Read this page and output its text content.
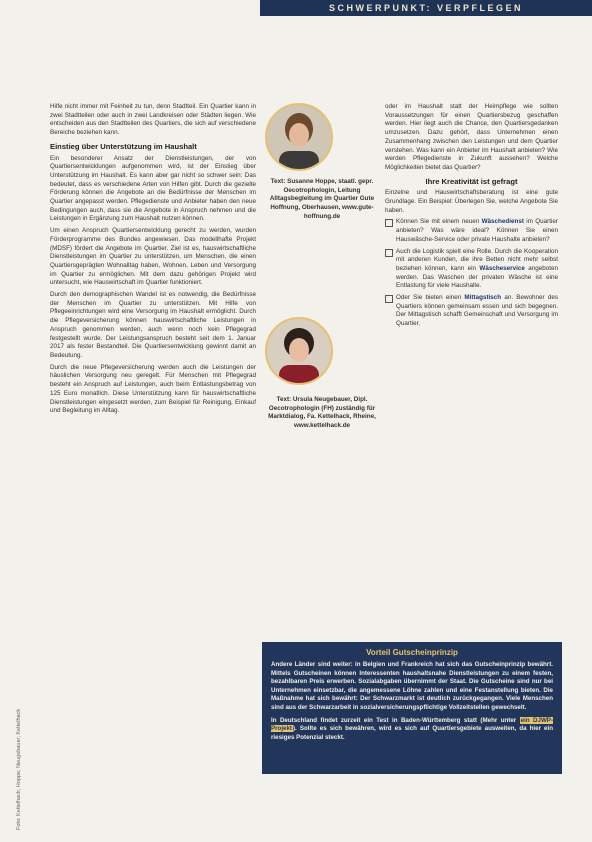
SCHWERPUNKT: VERPFLEGEN

Hilfe nicht immer mit Feinheit zu tun, denn Stadtteil. Ein Quartier kann in zwei Stadtteilen oder auch in zwei Landkreisen oder Städten liegen. Wie entscheiden aus den Stadtteilen des Quartiers, die sich auf verschiedene Bereiche beziehen kann.

Einstieg über Unterstützung im Haushalt

Ein besonderer Ansatz der Dienstleistungen, der von Quartiersentwicklungen aufgenommen wird, ist der Einstieg über Unterstützung im Haushalt. Es kann aber gar nicht so schwer sein: Das bedeutet, dass es verschiedene Arten von Hilfen gibt. Durch die gezielte Förderung können die Angebote an die Bedürfnisse der Menschen im Quartier angepasst werden. Pflegedienste und Anbieter haben den neue Bedingungen auch, dass sie die Angebote in Anspruch nehmen und die Leistungen in Ergänzung zum Haushalt nutzen können.

Um einen Anspruch Quartiersentwicklung gerecht zu werden, wurden Förderprogramme des Bundes angewiesen. Das modellhafte Projekt (MDSF) fördert die Angebote im Quartier. Ziel ist es, hauswirtschaftliche Dienstleistungen im Quartier zu unterstützen, um Menschen, die einen Quartiersgeprägten Wohnalltag haben, Wohnen, Leben und Versorgung im Quartier zu ermöglichen. Mit dem dazu gehörigen Projekt wird untersucht, wie Hauswirtschaft im Quartier funktioniert.

Durch den demographischen Wandel ist es notwendig, die Bedürfnisse der Menschen im Quartier zu unterstützen. Mit Hilfe von Pflegeeinrichtungen wird eine Versorgung im Haushalt ermöglicht. Durch die Pflegeversicherung können hauswirtschaftliche Leistungen in Anspruch genommen werden, auch wenn noch kein Pflegegrad festgestellt wurde. Der Leistungsanspruch besteht seit dem 1. Januar 2017 als fester Bestandteil. Die Quartiersentwicklung gewinnt damit an Bedeutung.

Durch die neue Pflegeversicherung werden auch die Leistungen der häuslichen Versorgung neu geregelt. Für Menschen mit Pflegegrad besteht ein Anspruch auf Leistungen, auch beim Entlastungsbetrag von 125 Euro monatlich. Diese Unterstützung kann für hauswirtschaftliche Dienstleistungen eingesetzt werden, zum Beispiel für Reinigung, Einkauf und Begleitung im Alltag.

Text: Susanne Hoppe, staatl. gepr. Oecotrophologin, Leitung Alltagsbegleitung im Quartier Gute Hoffnung, Oberhausen, www.gute-hoffnung.de
Text: Ursula Neugebauer, Dipl. Oecotrophologin (FH) zuständig für Marktdialog, Fa. Kettelhack, Rheine, www.kettelhack.de

oder im Haushalt statt der Heimpflege wie sollten Voraussetzungen für einen Quartiersbezug geschaffen werden. Hier liegt auch die Chance, den Quartiersgedanken umzusetzen. Dazu gehört, dass Unternehmen einen Zusammenhang zwischen den Leistungen und dem Quartier verstehen. Was kann ein Anbieter im Haushalt anbieten? Wie werden Pflegedienste in Zukunft aussehen? Welche Möglichkeiten bietet das Quartier?

Ihre Kreativität ist gefragt

Einzelne und Hauswirtschaftsberatung ist eine gute Grundlage. Ein Beispiel: Überlegen Sie, welche Angebote Sie haben.

Können Sie mit einem neuen Wäschedienst im Quartier anbieten? Was wäre ideal? Können Sie einen Hauswäsche-Service oder private Haushalte anbieten?
Auch die Logistik spielt eine Rolle. Durch die Kooperation mit anderen Kunden, die ihre Betten nicht mehr selbst beziehen können, kann ein Wäscheservice angeboten werden. Das Waschen der privaten Wäsche ist eine Entlastung für viele Haushalte.
Oder Sie bieten einen Mittagstisch an. Bewohner des Quartiers können gemeinsam essen und sich begegnen. Der Mittagstisch schafft Gemeinschaft und Versorgung im Quartier.
Foto: Kettelhack; Hoppe; Neugebauer; Kettelhack
Vorteil Gutscheinprinzip

Andere Länder sind weiter: in Belgien und Frankreich hat sich das Gutscheinprinzip bewährt. Mittels Gutscheinen können Interessenten haushaltsnahe Dienstleistungen zu einem festen, bezahlbaren Preis erwerben. Sozialabgaben übernimmt der Staat. Die Gutscheine sind nur bei Unternehmen einsetzbar, die angemessene Löhne zahlen und eine Festanstellung bieten. Die Maßnahme hat sich bewährt: Der Schwarzmarkt ist deutlich zurückgegangen. Viele Menschen sind aus der Schwarzarbeit in sozialversicherungspflichtige Vollzeitstellen gewechselt.

In Deutschland findet zurzeit ein Test in Baden-Württemberg statt (Mehr unter ein DJWP-Projekt). Sollte es sich bewähren, wird es sich auf Quartiersgebiete ausweiten, da hier ein riesiges Potenzial steckt.
